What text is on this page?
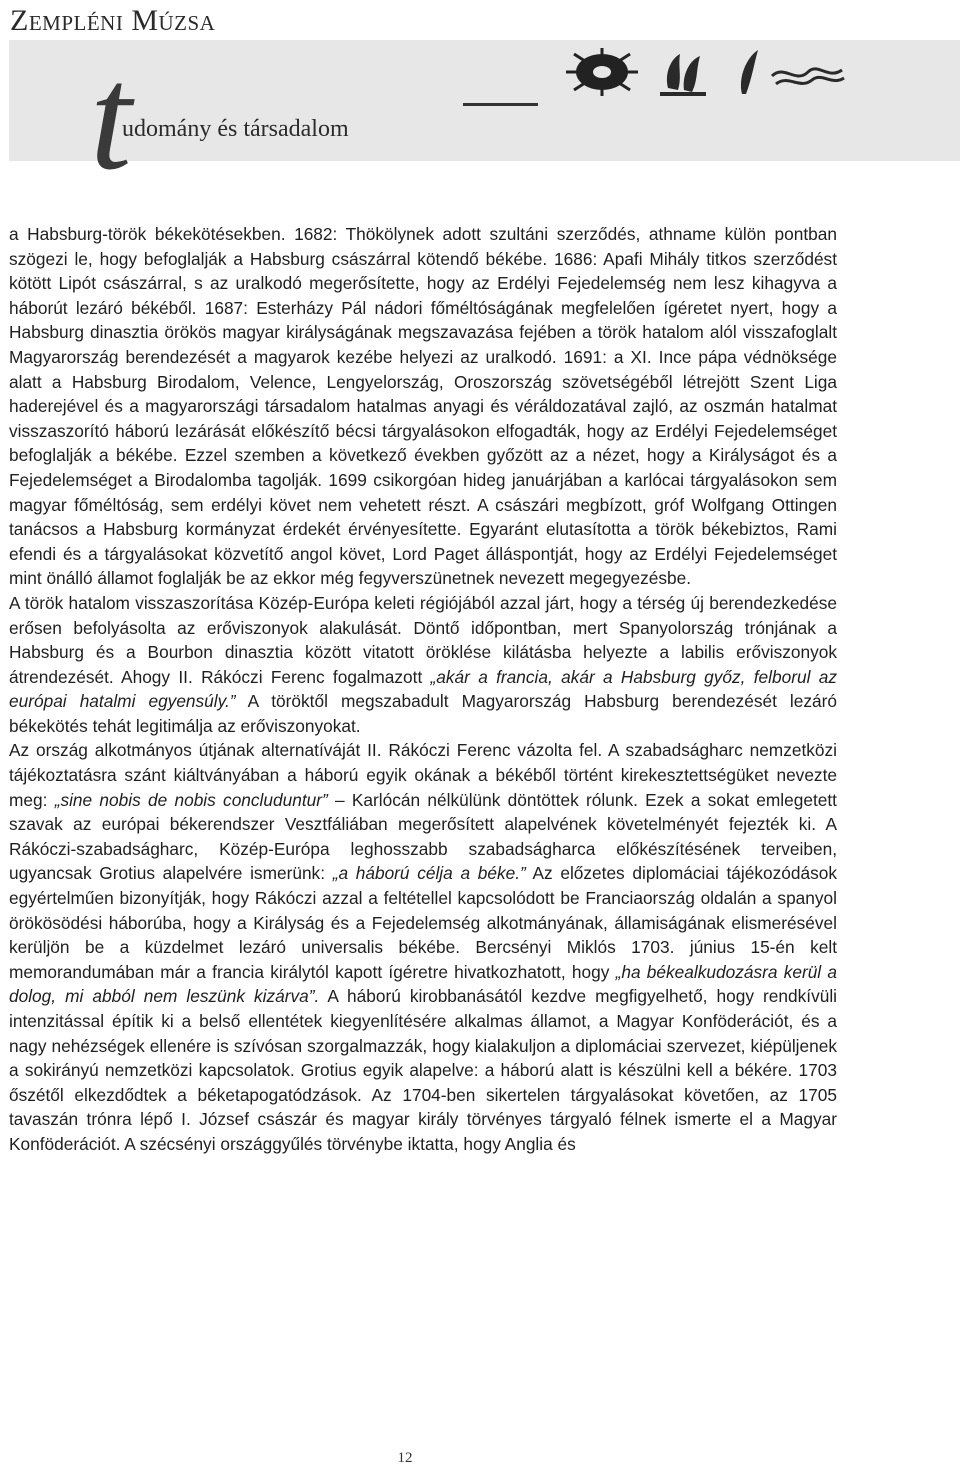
Zempléni Múzsa
t
udomány és társadalom

a Habsburg-török békekötésekben. 1682: Thökölynek adott szultáni szerződés, athname külön pontban szögezi le, hogy befoglalják a Habsburg császárral kötendő békébe. 1686: Apafi Mihály titkos szerződést kötött Lipót császárral, s az uralkodó megerősítette, hogy az Erdélyi Fejedelemség nem lesz kihagyva a háborút lezáró békéből. 1687: Esterházy Pál nádori főméltóságának megfelelően ígéretet nyert, hogy a Habsburg dinasztia örökös magyar királyságának megszavazása fejében a török hatalom alól visszafoglalt Magyarország berendezését a magyarok kezébe helyezi az uralkodó. 1691: a XI. Ince pápa védnöksége alatt a Habsburg Birodalom, Velence, Lengyelország, Oroszország szövetségéből létrejött Szent Liga haderejével és a magyarországi társadalom hatalmas anyagi és véráldozatával zajló, az oszmán hatalmat visszaszorító háború lezárását előkészítő bécsi tárgyalásokon elfogadták, hogy az Erdélyi Fejedelemséget befoglalják a békébe. Ezzel szemben a következő években győzött az a nézet, hogy a Királyságot és a Fejedelemséget a Birodalomba tagolják. 1699 csikorgóan hideg januárjában a karlócai tárgyalásokon sem magyar főméltóság, sem erdélyi követ nem vehetett részt. A császári megbízott, gróf Wolfgang Ottingen tanácsos a Habsburg kormányzat érdekét érvényesítette. Egyaránt elutasította a török békebiztos, Rami efendi és a tárgyalásokat közvetítő angol követ, Lord Paget álláspontját, hogy az Erdélyi Fejedelemséget mint önálló államot foglalják be az ekkor még fegyverszünetnek nevezett megegyezésbe.

A török hatalom visszaszorítása Közép-Európa keleti régiójából azzal járt, hogy a térség új berendezkedése erősen befolyásolta az erőviszonyok alakulását. Döntő időpontban, mert Spanyolország trónjának a Habsburg és a Bourbon dinasztia között vitatott öröklése kilátásba helyezte a labilis erőviszonyok átrendezését. Ahogy II. Rákóczi Ferenc fogalmazott „akár a francia, akár a Habsburg győz, felborul az európai hatalmi egyensúly.” A töröktől megszabadult Magyarország Habsburg berendezését lezáró békekötés tehát legitimálja az erőviszonyokat.

Az ország alkotmányos útjának alternatíváját II. Rákóczi Ferenc vázolta fel. A szabadságharc nemzetközi tájékoztatásra szánt kiáltványában a háború egyik okának a békéből történt kirekesztettségüket nevezte meg: „sine nobis de nobis concluduntur” – Karlócán nélkülünk döntöttek rólunk. Ezek a sokat emlegetett szavak az európai békerendszer Vesztfáliában megerősített alapelvének követelményét fejezték ki. A Rákóczi-szabadságharc, Közép-Európa leghosszabb szabadságharca előkészítésének terveiben, ugyancsak Grotius alapelvére ismerünk: „a háború célja a béke.” Az előzetes diplomáciai tájékozódások egyértelműen bizonyítják, hogy Rákóczi azzal a feltétellel kapcsolódott be Franciaország oldalán a spanyol örökösödési háborúba, hogy a Királyság és a Fejedelemség alkotmányának, államiságának elismerésével kerüljön be a küzdelmet lezáró universalis békébe. Bercsényi Miklós 1703. június 15-én kelt memorandumában már a francia királytól kapott ígéretre hivatkozhatott, hogy „ha békealkudozásra kerül a dolog, mi abból nem leszünk kizárva”. A háború kirobbanásától kezdve megfigyelhető, hogy rendkívüli intenzitással építik ki a belső ellentétek kiegyenlítésére alkalmas államot, a Magyar Konföderációt, és a nagy nehézségek ellenére is szívósan szorgalmazzák, hogy kialakuljon a diplomáciai szervezet, kiépüljenek a sokirányú nemzetközi kapcsolatok. Grotius egyik alapelve: a háború alatt is készülni kell a békére. 1703 őszétől elkezdődtek a béketapogatódzások. Az 1704-ben sikertelen tárgyalásokat követően, az 1705 tavaszán trónra lépő I. József császár és magyar király törvényes tárgyaló félnek ismerte el a Magyar Konföderációt. A szécsényi országgyűlés törvénybe iktatta, hogy Anglia és

12
